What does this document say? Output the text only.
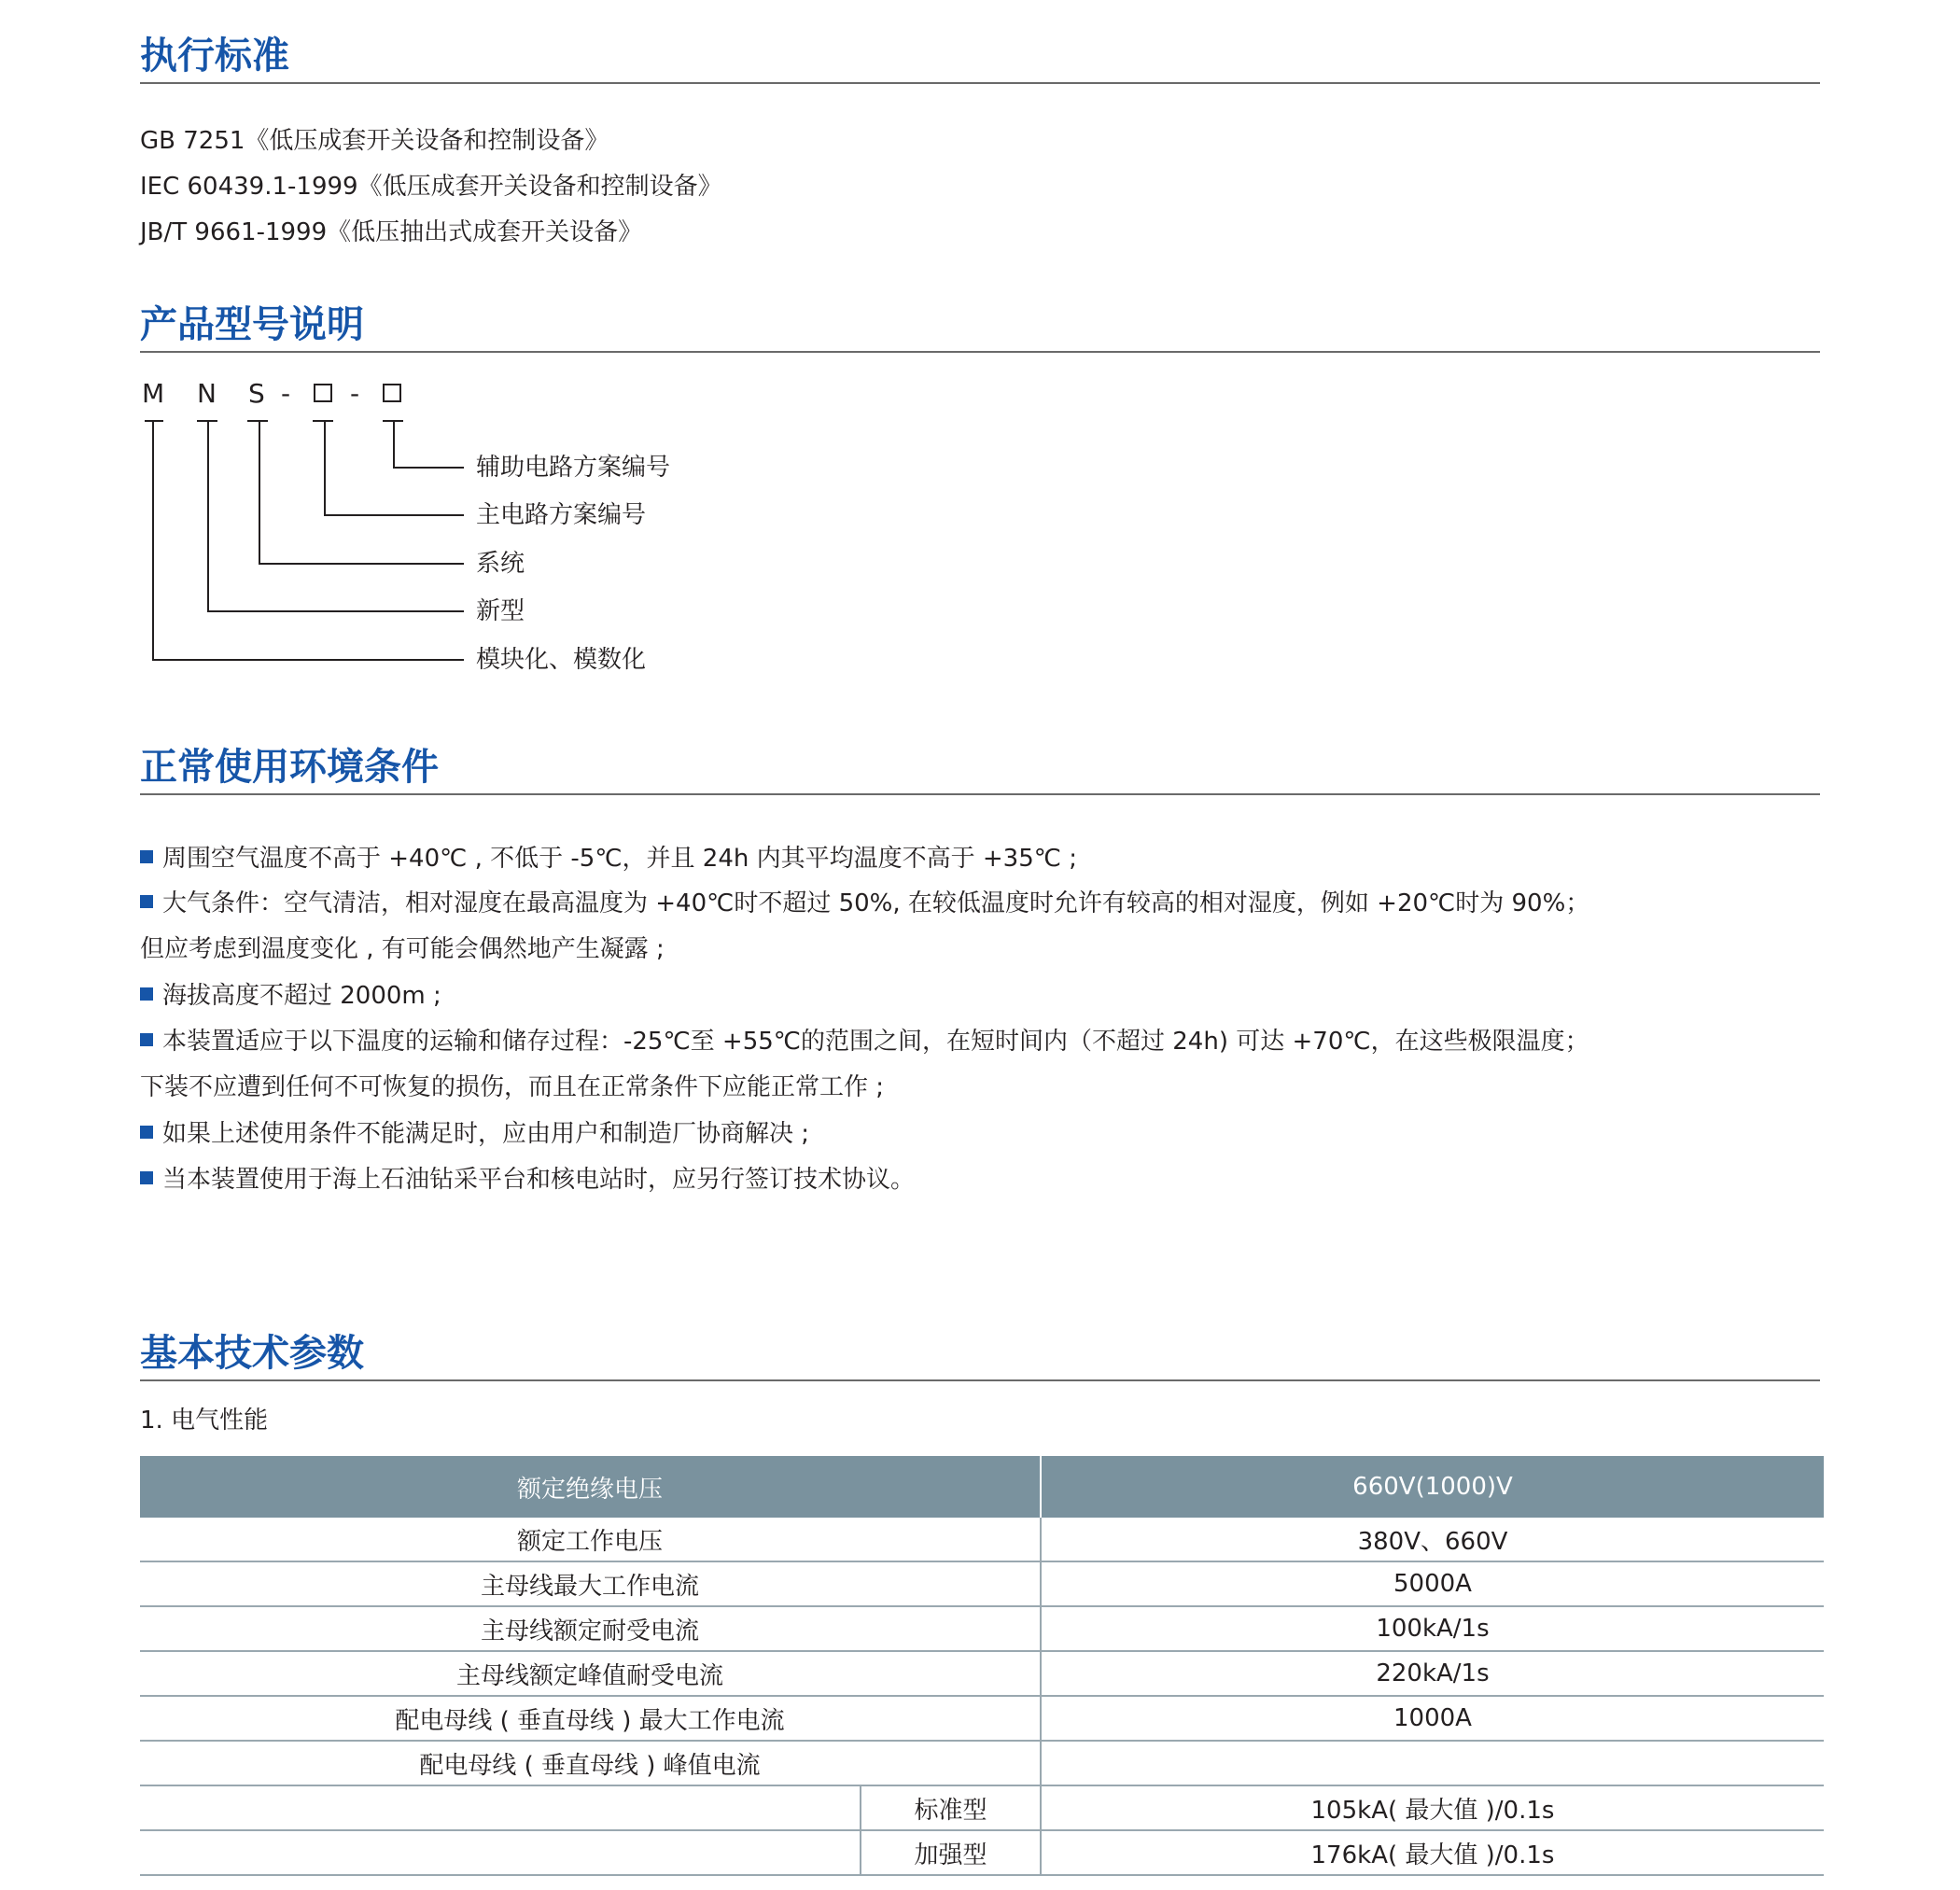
执行标准
GB 7251《低压成套开关设备和控制设备》
IEC 60439.1-1999《低压成套开关设备和控制设备》
JB/T 9661-1999《低压抽出式成套开关设备》
产品型号说明
M N S - -
辅助电路方案编号
主电路方案编号
系统
新型
模块化、模数化
正常使用环境条件
周围空气温度不高于 +40℃ , 不低于 -5℃，并且 24h 内其平均温度不高于 +35℃ ;
大气条件：空气清洁，相对湿度在最高温度为 +40℃时不超过 50%, 在较低温度时允许有较高的相对湿度，例如 +20℃时为 90%；
但应考虑到温度变化 , 有可能会偶然地产生凝露 ;
海拔高度不超过 2000m ;
本装置适应于以下温度的运输和储存过程：-25℃至 +55℃的范围之间，在短时间内（不超过 24h) 可达 +70℃，在这些极限温度；
下装不应遭到任何不可恢复的损伤，而且在正常条件下应能正常工作 ;
如果上述使用条件不能满足时，应由用户和制造厂协商解决 ;
当本装置使用于海上石油钻采平台和核电站时，应另行签订技术协议。
基本技术参数
1. 电气性能
额定绝缘电压		660V(1000)V
额定工作电压		380V、660V
主母线最大工作电流		5000A
主母线额定耐受电流		100kA/1s
主母线额定峰值耐受电流		220kA/1s
配电母线 ( 垂直母线 ) 最大工作电流		1000A
配电母线 ( 垂直母线 ) 峰值电流		
	标准型	105kA( 最大值 )/0.1s
	加强型	176kA( 最大值 )/0.1s
